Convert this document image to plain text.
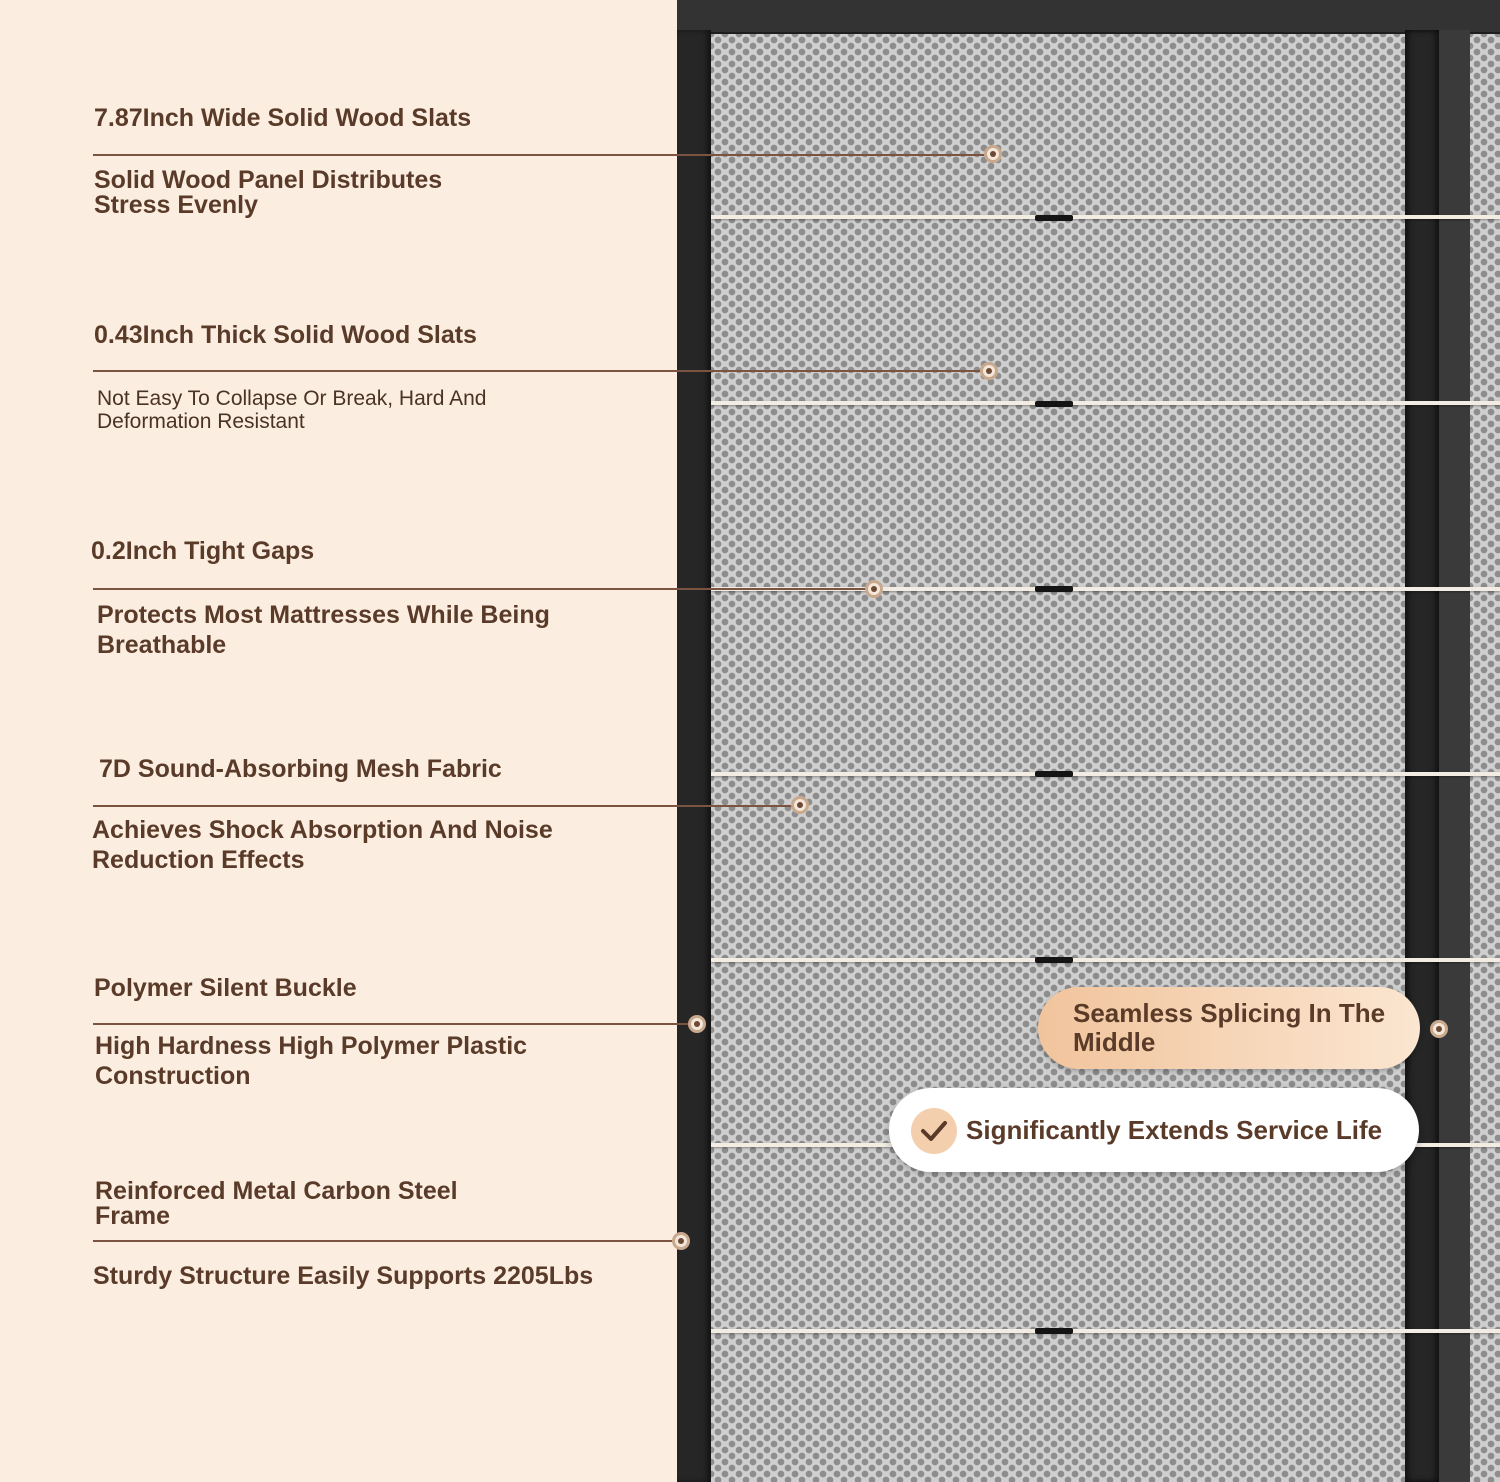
7.87Inch Wide Solid Wood Slats

Solid Wood Panel Distributes Stress Evenly

0.43Inch Thick Solid Wood Slats

Not Easy To Collapse Or Break, Hard And Deformation Resistant

0.2Inch Tight Gaps

Protects Most Mattresses While Being Breathable

7D Sound-Absorbing Mesh Fabric

Achieves Shock Absorption And Noise Reduction Effects

Polymer Silent Buckle

High Hardness High Polymer Plastic Construction

Reinforced Metal Carbon Steel Frame

Sturdy Structure Easily Supports 2205Lbs

Seamless Splicing In The Middle

Significantly Extends Service Life
